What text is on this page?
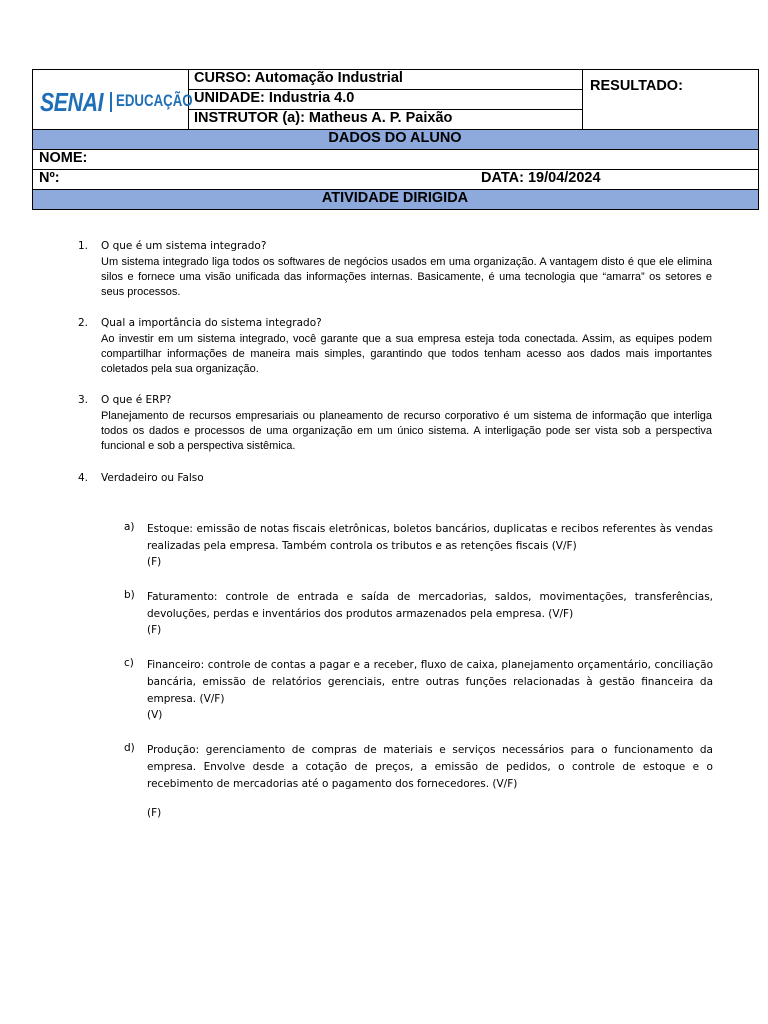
SENAI EDUCAÇÃO
CURSO: Automação Industrial
UNIDADE: Industria 4.0
INSTRUTOR (a): Matheus A. P. Paixão
RESULTADO:
DADOS DO ALUNO
NOME:
Nº:	DATA: 19/04/2024
ATIVIDADE DIRIGIDA
1. O que é um sistema integrado?
Um sistema integrado liga todos os softwares de negócios usados em uma organização. A vantagem disto é que ele elimina silos e fornece uma visão unificada das informações internas. Basicamente, é uma tecnologia que “amarra” os setores e seus processos.
2. Qual a importância do sistema integrado?
Ao investir em um sistema integrado, você garante que a sua empresa esteja toda conectada. Assim, as equipes podem compartilhar informações de maneira mais simples, garantindo que todos tenham acesso aos dados mais importantes coletados pela sua organização.
3. O que é ERP?
Planejamento de recursos empresariais ou planeamento de recurso corporativo é um sistema de informação que interliga todos os dados e processos de uma organização em um único sistema. A interligação pode ser vista sob a perspectiva funcional e sob a perspectiva sistêmica.
4. Verdadeiro ou Falso
a) Estoque: emissão de notas fiscais eletrônicas, boletos bancários, duplicatas e recibos referentes às vendas realizadas pela empresa. Também controla os tributos e as retenções fiscais (V/F)
(F)
b) Faturamento: controle de entrada e saída de mercadorias, saldos, movimentações, transferências, devoluções, perdas e inventários dos produtos armazenados pela empresa. (V/F)
(F)
c) Financeiro: controle de contas a pagar e a receber, fluxo de caixa, planejamento orçamentário, conciliação bancária, emissão de relatórios gerenciais, entre outras funções relacionadas à gestão financeira da empresa. (V/F)
(V)
d) Produção: gerenciamento de compras de materiais e serviços necessários para o funcionamento da empresa. Envolve desde a cotação de preços, a emissão de pedidos, o controle de estoque e o recebimento de mercadorias até o pagamento dos fornecedores. (V/F)
(F)
